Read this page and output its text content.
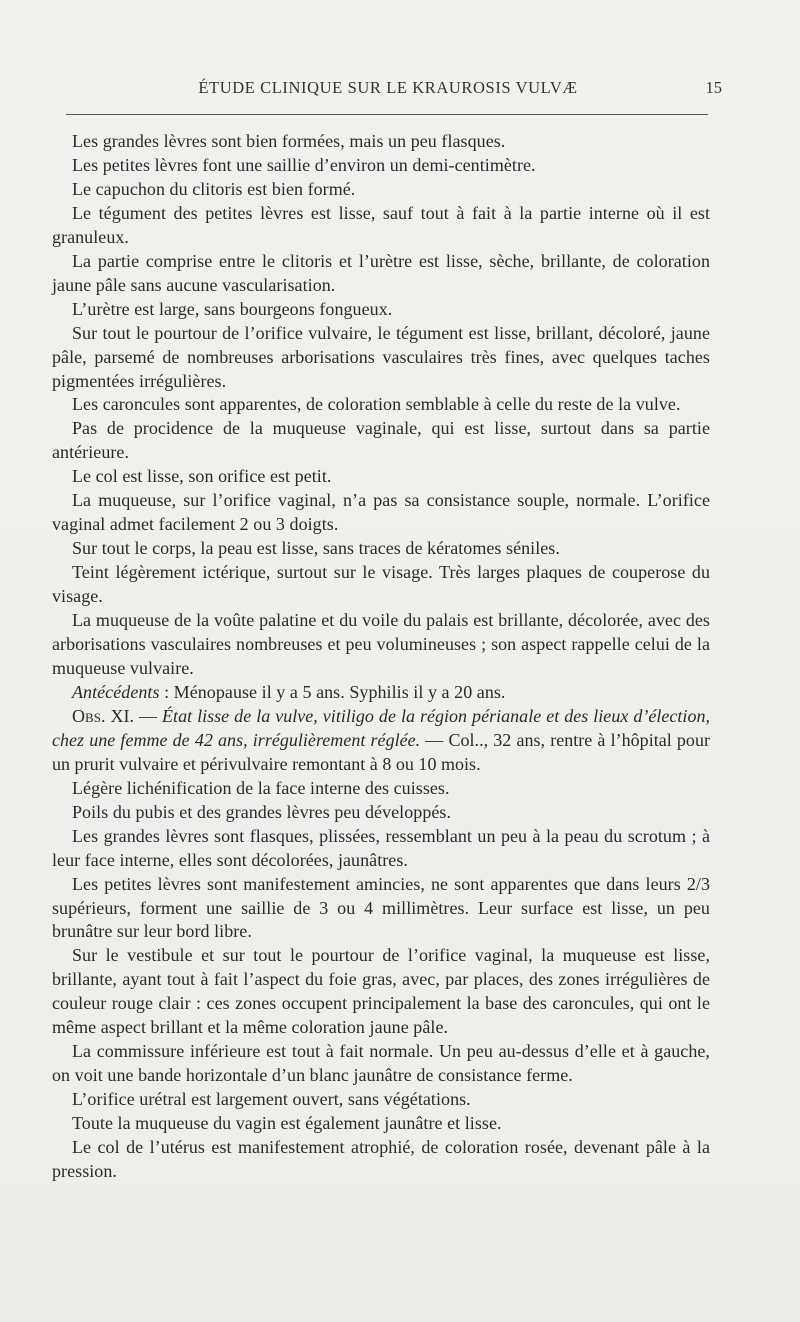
ÉTUDE CLINIQUE SUR LE KRAUROSIS VULVÆ	15

Les grandes lèvres sont bien formées, mais un peu flasques.

Les petites lèvres font une saillie d’environ un demi-centimètre.

Le capuchon du clitoris est bien formé.

Le tégument des petites lèvres est lisse, sauf tout à fait à la partie interne où il est granuleux.

La partie comprise entre le clitoris et l’urètre est lisse, sèche, brillante, de coloration jaune pâle sans aucune vascularisation.

L’urètre est large, sans bourgeons fongueux.

Sur tout le pourtour de l’orifice vulvaire, le tégument est lisse, brillant, décoloré, jaune pâle, parsemé de nombreuses arborisations vasculaires très fines, avec quelques taches pigmentées irrégulières.

Les caroncules sont apparentes, de coloration semblable à celle du reste de la vulve.

Pas de procidence de la muqueuse vaginale, qui est lisse, surtout dans sa partie antérieure.

Le col est lisse, son orifice est petit.

La muqueuse, sur l’orifice vaginal, n’a pas sa consistance souple, normale. L’orifice vaginal admet facilement 2 ou 3 doigts.

Sur tout le corps, la peau est lisse, sans traces de kératomes séniles.

Teint légèrement ictérique, surtout sur le visage. Très larges plaques de couperose du visage.

La muqueuse de la voûte palatine et du voile du palais est brillante, décolorée, avec des arborisations vasculaires nombreuses et peu volumineuses ; son aspect rappelle celui de la muqueuse vulvaire.

Antécédents : Ménopause il y a 5 ans. Syphilis il y a 20 ans.

Obs. XI. — État lisse de la vulve, vitiligo de la région périanale et des lieux d’élection, chez une femme de 42 ans, irrégulièrement réglée. — Col.., 32 ans, rentre à l’hôpital pour un prurit vulvaire et périvulvaire remontant à 8 ou 10 mois.

Légère lichénification de la face interne des cuisses.

Poils du pubis et des grandes lèvres peu développés.

Les grandes lèvres sont flasques, plissées, ressemblant un peu à la peau du scrotum ; à leur face interne, elles sont décolorées, jaunâtres.

Les petites lèvres sont manifestement amincies, ne sont apparentes que dans leurs 2/3 supérieurs, forment une saillie de 3 ou 4 millimètres. Leur surface est lisse, un peu brunâtre sur leur bord libre.

Sur le vestibule et sur tout le pourtour de l’orifice vaginal, la muqueuse est lisse, brillante, ayant tout à fait l’aspect du foie gras, avec, par places, des zones irrégulières de couleur rouge clair : ces zones occupent principalement la base des caroncules, qui ont le même aspect brillant et la même coloration jaune pâle.

La commissure inférieure est tout à fait normale. Un peu au-dessus d’elle et à gauche, on voit une bande horizontale d’un blanc jaunâtre de consistance ferme.

L’orifice urétral est largement ouvert, sans végétations.

Toute la muqueuse du vagin est également jaunâtre et lisse.

Le col de l’utérus est manifestement atrophié, de coloration rosée, devenant pâle à la pression.
